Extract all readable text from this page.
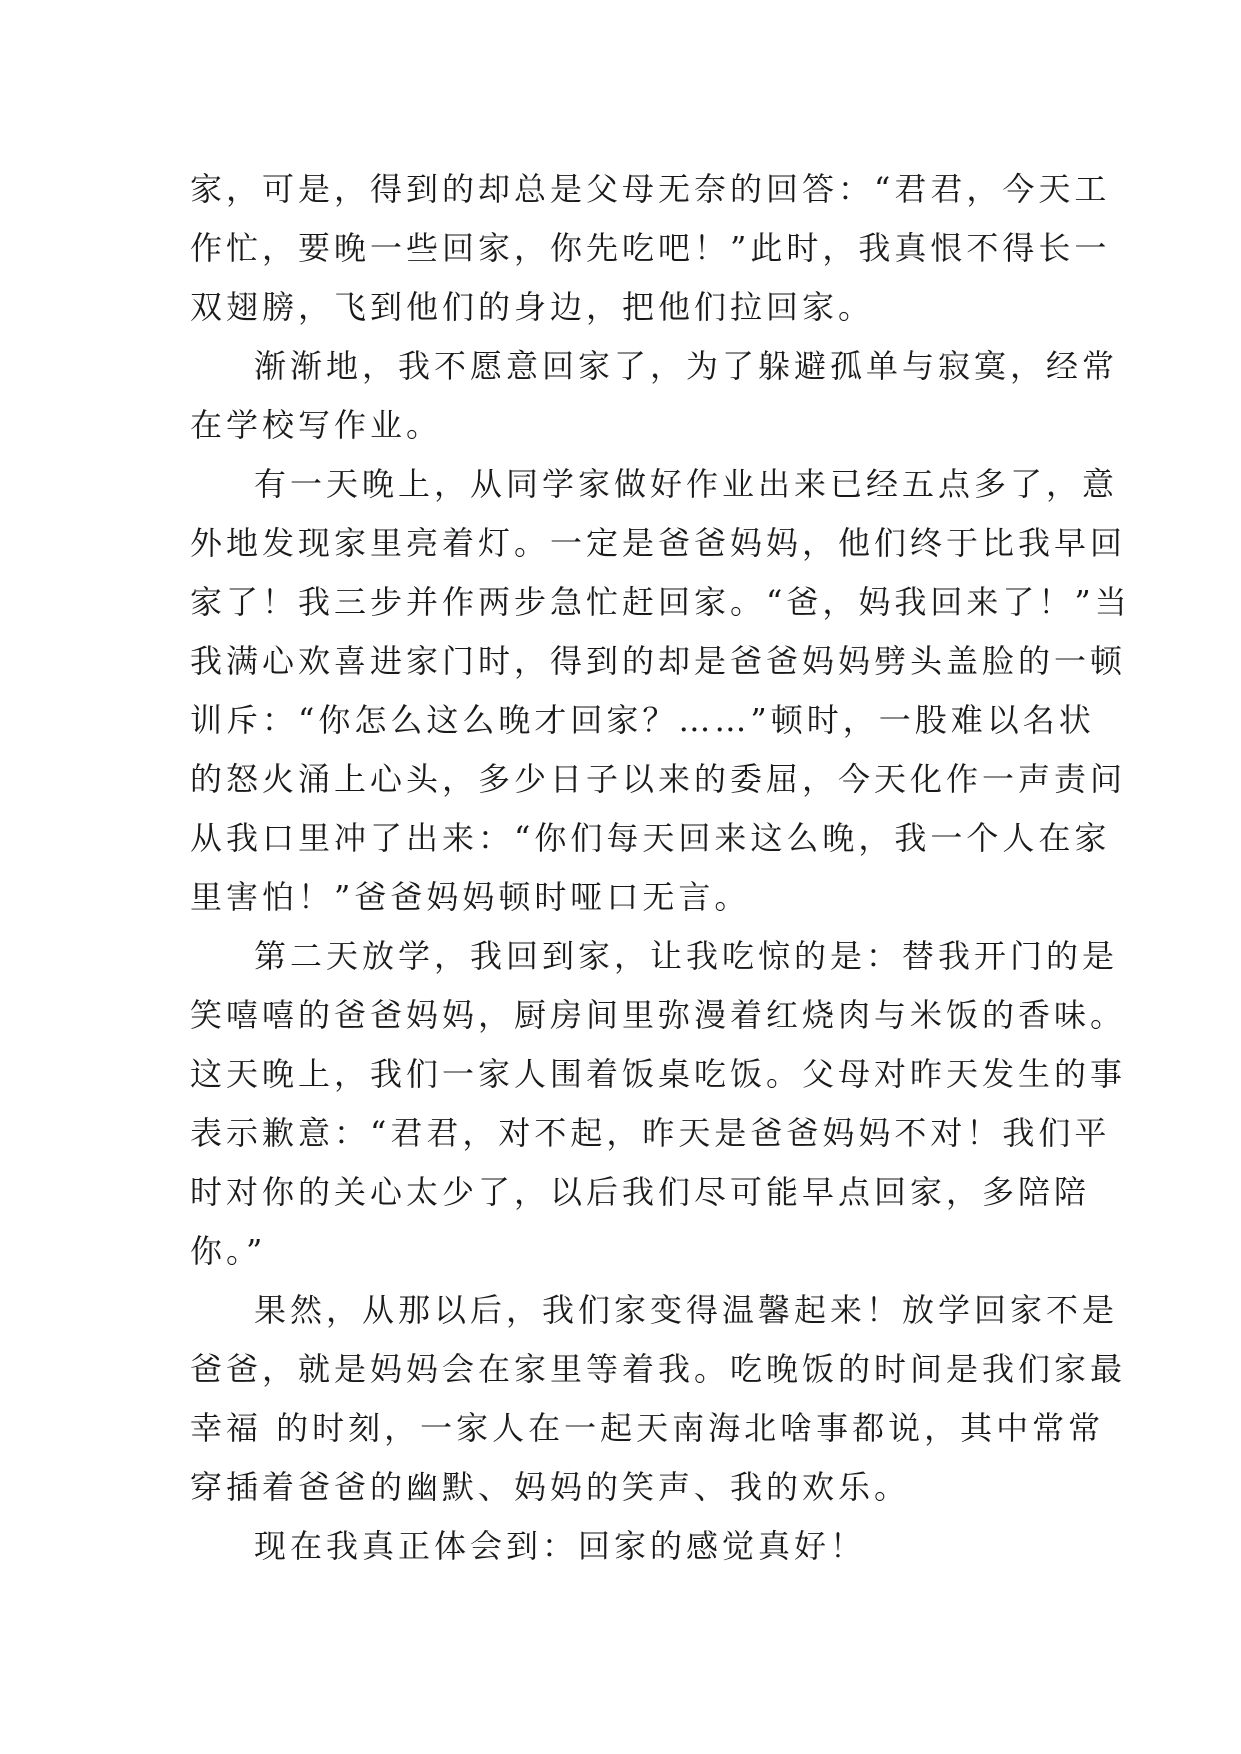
家，可是，得到的却总是父母无奈的回答：“君君，今天工
作忙，要晚一些回家，你先吃吧！”此时，我真恨不得长一
双翅膀，飞到他们的身边，把他们拉回家。

渐渐地，我不愿意回家了，为了躲避孤单与寂寞，经常
在学校写作业。

有一天晚上，从同学家做好作业出来已经五点多了，意
外地发现家里亮着灯。一定是爸爸妈妈，他们终于比我早回
家了！我三步并作两步急忙赶回家。“爸，妈我回来了！”当
我满心欢喜进家门时，得到的却是爸爸妈妈劈头盖脸的一顿
训斥：“你怎么这么晚才回家？……”顿时，一股难以名状
的怒火涌上心头，多少日子以来的委屈，今天化作一声责问
从我口里冲了出来：“你们每天回来这么晚，我一个人在家
里害怕！”爸爸妈妈顿时哑口无言。

第二天放学，我回到家，让我吃惊的是：替我开门的是
笑嘻嘻的爸爸妈妈，厨房间里弥漫着红烧肉与米饭的香味。
这天晚上，我们一家人围着饭桌吃饭。父母对昨天发生的事
表示歉意：“君君，对不起，昨天是爸爸妈妈不对！我们平
时对你的关心太少了，以后我们尽可能早点回家，多陪陪
你。”

果然，从那以后，我们家变得温馨起来！放学回家不是
爸爸，就是妈妈会在家里等着我。吃晚饭的时间是我们家最
幸福 的时刻，一家人在一起天南海北啥事都说，其中常常
穿插着爸爸的幽默、妈妈的笑声、我的欢乐。

现在我真正体会到：回家的感觉真好！
